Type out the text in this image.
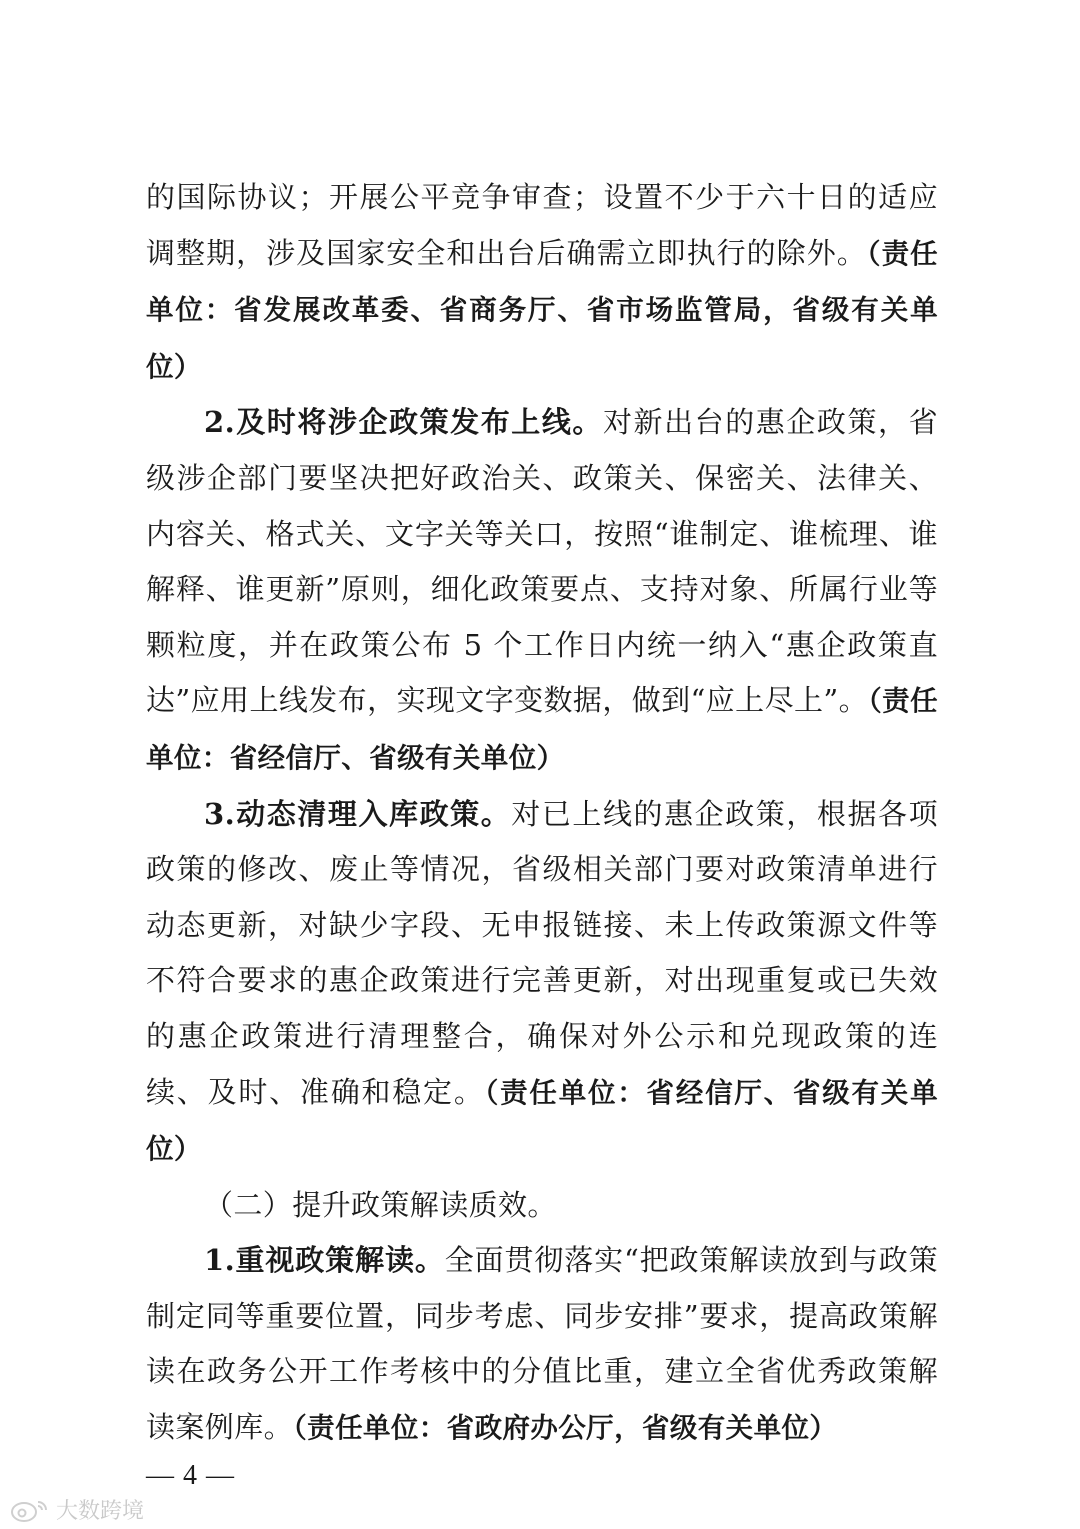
的国际协议；开展公平竞争审查；设置不少于六十日的适应调整期，涉及国家安全和出台后确需立即执行的除外。（责任单位：省发展改革委、省商务厅、省市场监管局，省级有关单位）

2.及时将涉企政策发布上线。对新出台的惠企政策，省级涉企部门要坚决把好政治关、政策关、保密关、法律关、内容关、格式关、文字关等关口，按照“谁制定、谁梳理、谁解释、谁更新”原则，细化政策要点、支持对象、所属行业等颗粒度，并在政策公布 5 个工作日内统一纳入“惠企政策直达”应用上线发布，实现文字变数据，做到“应上尽上”。（责任单位：省经信厅、省级有关单位）

3.动态清理入库政策。对已上线的惠企政策，根据各项政策的修改、废止等情况，省级相关部门要对政策清单进行动态更新，对缺少字段、无申报链接、未上传政策源文件等不符合要求的惠企政策进行完善更新，对出现重复或已失效的惠企政策进行清理整合，确保对外公示和兑现政策的连续、及时、准确和稳定。（责任单位：省经信厅、省级有关单位）

（二）提升政策解读质效。

1.重视政策解读。全面贯彻落实“把政策解读放到与政策制定同等重要位置，同步考虑、同步安排”要求，提高政策解读在政务公开工作考核中的分值比重，建立全省优秀政策解读案例库。（责任单位：省政府办公厅，省级有关单位）

— 4 —
大数跨境
